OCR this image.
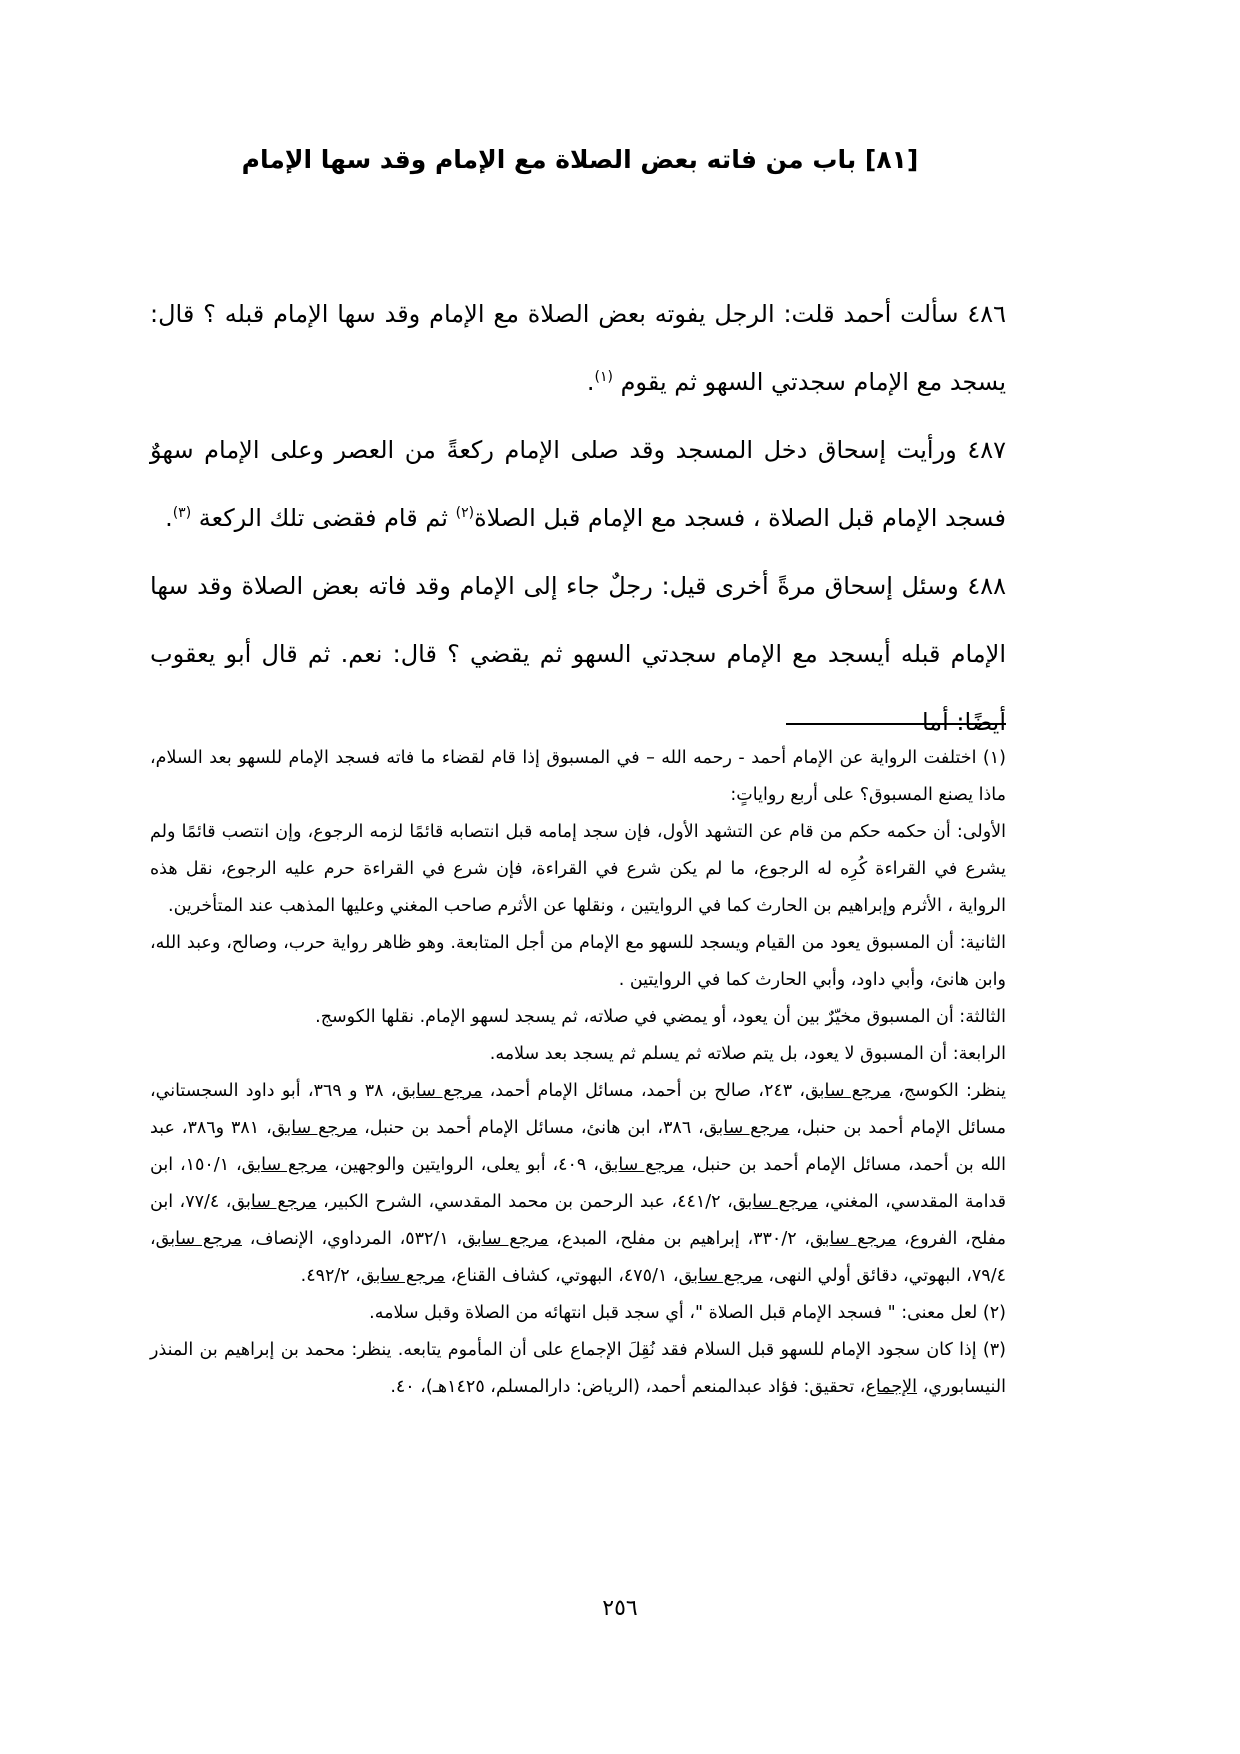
[٨١] باب من فاته بعض الصلاة مع الإمام وقد سها الإمام

٤٨٦ سألت أحمد قلت: الرجل يفوته بعض الصلاة مع الإمام وقد سها الإمام قبله ؟ قال: يسجد مع الإمام سجدتي السهو ثم يقوم $^{(١)}$.

٤٨٧ ورأيت إسحاق دخل المسجد وقد صلى الإمام ركعةً من العصر وعلى الإمام سهوٌ فسجد الإمام قبل الصلاة ، فسجد مع الإمام قبل الصلاة$^{(٢)}$ ثم قام فقضى تلك الركعة $^{(٣)}$.

٤٨٨ وسئل إسحاق مرةً أخرى قيل: رجلٌ جاء إلى الإمام وقد فاته بعض الصلاة وقد سها الإمام قبله أيسجد مع الإمام سجدتي السهو ثم يقضي ؟ قال: نعم. ثم قال أبو يعقوب أيضًا: أما

(١) اختلفت الرواية عن الإمام أحمد - رحمه الله – في المسبوق إذا قام لقضاء ما فاته فسجد الإمام للسهو بعد السلام، ماذا يصنع المسبوق؟ على أربع رواياتٍ:

الأولى: أن حكمه حكم من قام عن التشهد الأول، فإن سجد إمامه قبل انتصابه قائمًا لزمه الرجوع، وإن انتصب قائمًا ولم يشرع في القراءة كُرِه له الرجوع، ما لم يكن شرع في القراءة، فإن شرع في القراءة حرم عليه الرجوع، نقل هذه الرواية ، الأثرم وإبراهيم بن الحارث كما في الروايتين ، ونقلها عن الأثرم صاحب المغني وعليها المذهب عند المتأخرين.

الثانية: أن المسبوق يعود من القيام ويسجد للسهو مع الإمام من أجل المتابعة. وهو ظاهر رواية حرب، وصالح، وعبد الله، وابن هانئ، وأبي داود، وأبي الحارث كما في الروايتين .

الثالثة: أن المسبوق مخيّرٌ بين أن يعود، أو يمضي في صلاته، ثم يسجد لسهو الإمام. نقلها الكوسج.

الرابعة: أن المسبوق لا يعود، بل يتم صلاته ثم يسلم ثم يسجد بعد سلامه.

ينظر: الكوسج، مرجع سابق، ٢٤٣، صالح بن أحمد، مسائل الإمام أحمد، مرجع سابق، ٣٨ و ٣٦٩، أبو داود السجستاني، مسائل الإمام أحمد بن حنبل، مرجع سابق، ٣٨٦، ابن هانئ، مسائل الإمام أحمد بن حنبل، مرجع سابق، ٣٨١ و٣٨٦، عبد الله بن أحمد، مسائل الإمام أحمد بن حنبل، مرجع سابق، ٤٠٩، أبو يعلى، الروايتين والوجهين، مرجع سابق، ١٥٠/١، ابن قدامة المقدسي، المغني، مرجع سابق، ٤٤١/٢، عبد الرحمن بن محمد المقدسي، الشرح الكبير، مرجع سابق، ٧٧/٤، ابن مفلح، الفروع، مرجع سابق، ٣٣٠/٢، إبراهيم بن مفلح، المبدع، مرجع سابق، ٥٣٢/١، المرداوي، الإنصاف، مرجع سابق، ٧٩/٤، البهوتي، دقائق أولي النهى، مرجع سابق، ٤٧٥/١، البهوتي، كشاف القناع، مرجع سابق، ٤٩٢/٢.

(٢) لعل معنى: " فسجد الإمام قبل الصلاة "، أي سجد قبل انتهائه من الصلاة وقبل سلامه.

(٣) إذا كان سجود الإمام للسهو قبل السلام فقد نُقِلَ الإجماع على أن المأموم يتابعه. ينظر: محمد بن إبراهيم بن المنذر النيسابوري، الإجماع، تحقيق: فؤاد عبدالمنعم أحمد، (الرياض: دارالمسلم، ١٤٢٥هـ)، ٤٠.

٢٥٦
